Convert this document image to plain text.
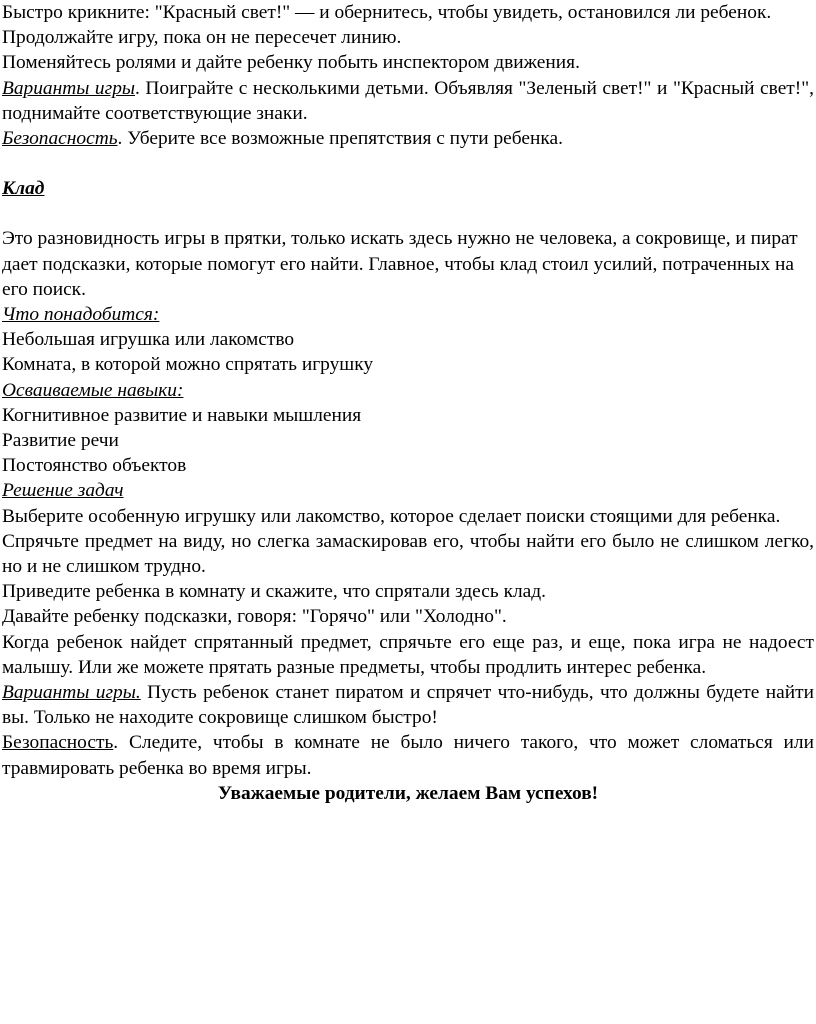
Быстро крикните: "Красный свет!" — и обернитесь, чтобы увидеть, остановился ли ребенок.

Продолжайте игру, пока он не пересечет линию.

Поменяйтесь ролями и дайте ребенку побыть инспектором движения.

Варианты игры. Поиграйте с несколькими детьми. Объявляя "Зеленый свет!" и "Красный свет!", поднимайте соответствующие знаки.

Безопасность. Уберите все возможные препятствия с пути ребенка.

Клад

Это разновидность игры в прятки, только искать здесь нужно не человека, а сокровище, и пират дает подсказки, которые помогут его найти. Главное, чтобы клад стоил усилий, потраченных на его поиск.

Что понадобится:

Небольшая игрушка или лакомство

Комната, в которой можно спрятать игрушку

Осваиваемые навыки:

Когнитивное развитие и навыки мышления

Развитие речи

Постоянство объектов

Решение задач

Выберите особенную игрушку или лакомство, которое сделает поиски стоящими для ребенка.

Спрячьте предмет на виду, но слегка замаскировав его, чтобы найти его было не слишком легко, но и не слишком трудно.

Приведите ребенка в комнату и скажите, что спрятали здесь клад.

Давайте ребенку подсказки, говоря: "Горячо" или "Холодно".

Когда ребенок найдет спрятанный предмет, спрячьте его еще раз, и еще, пока игра не надоест малышу. Или же можете прятать разные предметы, чтобы продлить интерес ребенка.

Варианты игры. Пусть ребенок станет пиратом и спрячет что-нибудь, что должны будете найти вы. Только не находите сокровище слишком быстро!

Безопасность. Следите, чтобы в комнате не было ничего такого, что может сломаться или травмировать ребенка во время игры.

Уважаемые родители, желаем Вам успехов!
